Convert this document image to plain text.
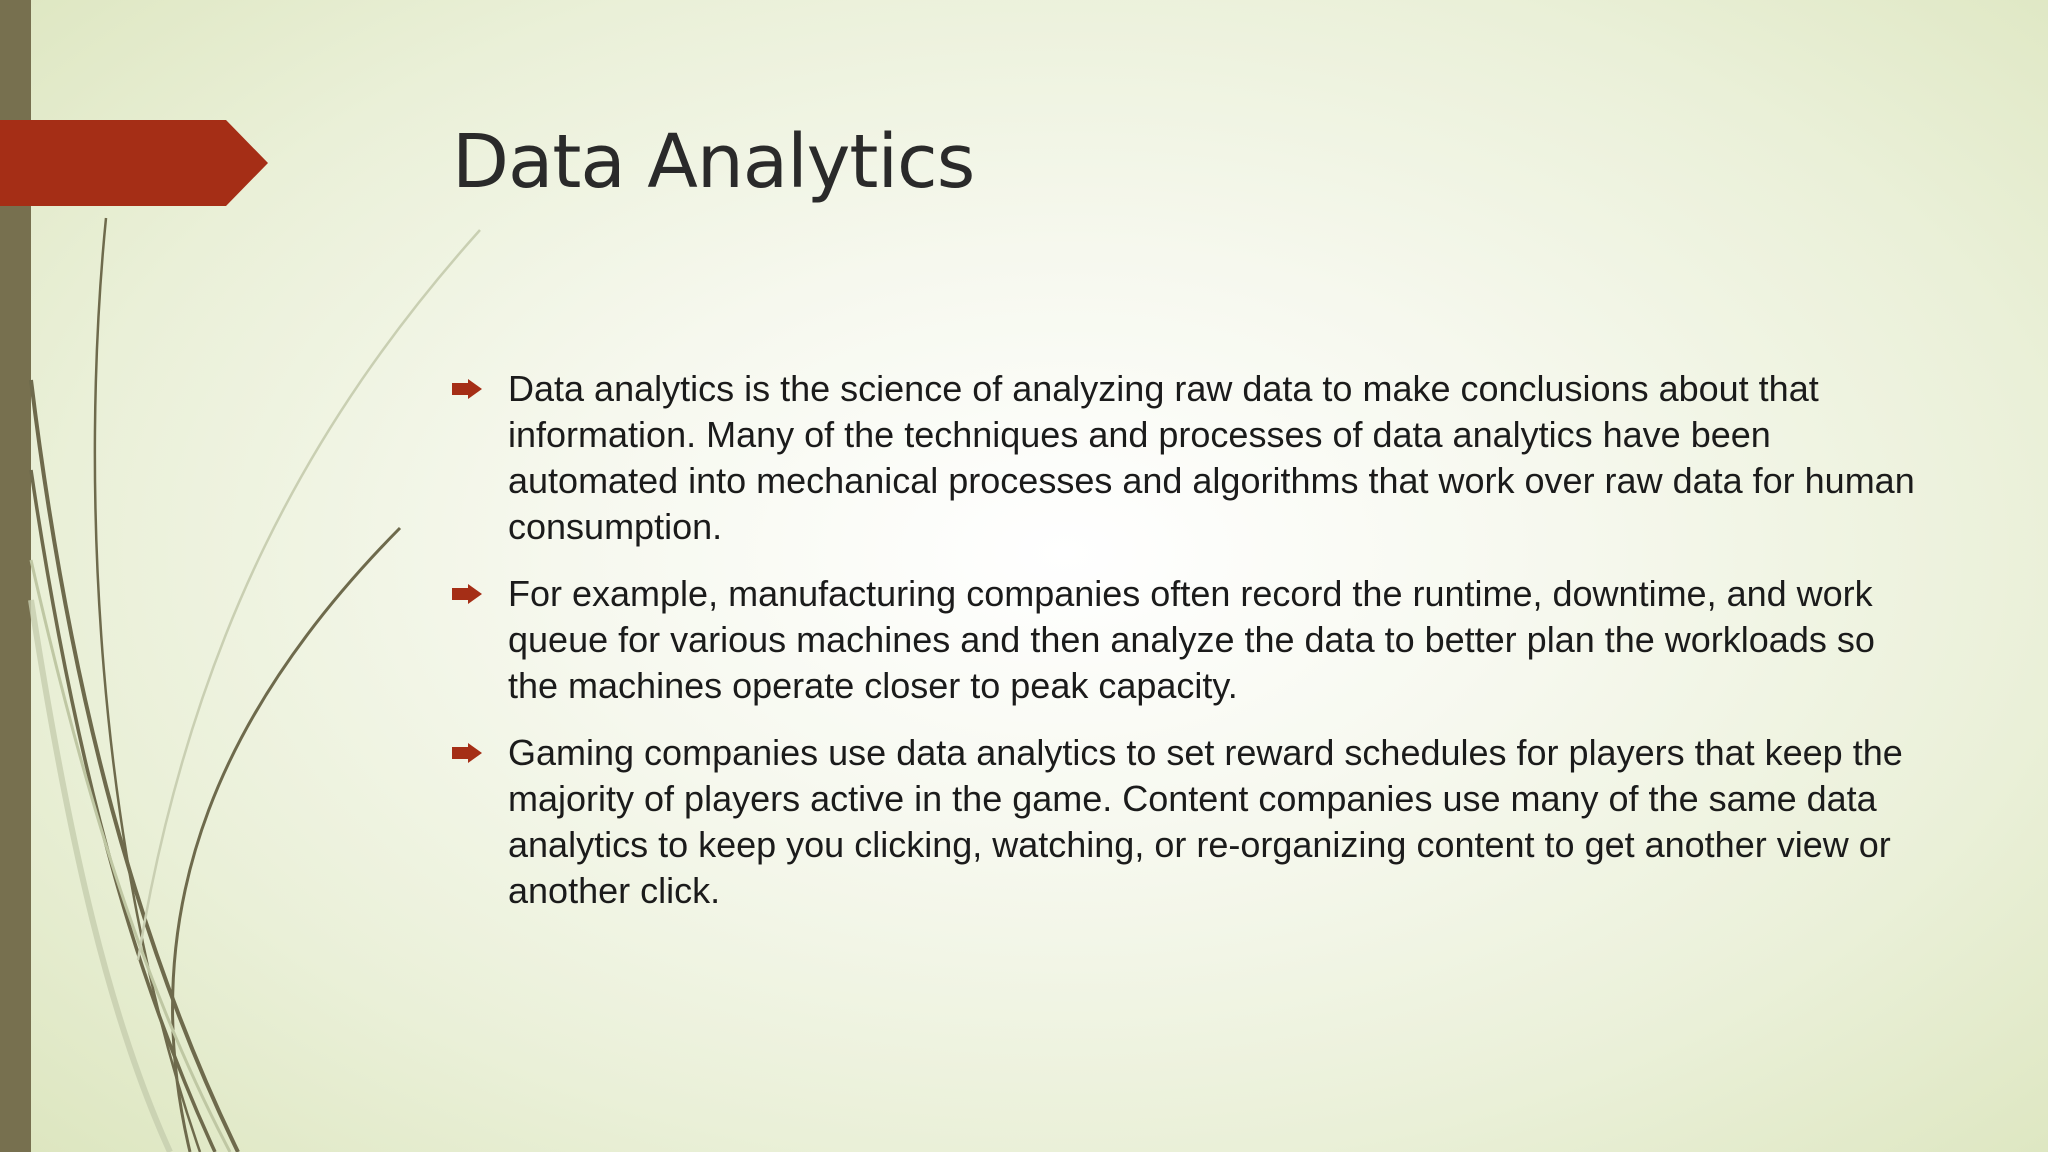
Data Analytics
Data analytics is the science of analyzing raw data to make conclusions about that information. Many of the techniques and processes of data analytics have been automated into mechanical processes and algorithms that work over raw data for human consumption.
For example, manufacturing companies often record the runtime, downtime, and work queue for various machines and then analyze the data to better plan the workloads so the machines operate closer to peak capacity.
Gaming companies use data analytics to set reward schedules for players that keep the majority of players active in the game. Content companies use many of the same data analytics to keep you clicking, watching, or re-organizing content to get another view or another click.
